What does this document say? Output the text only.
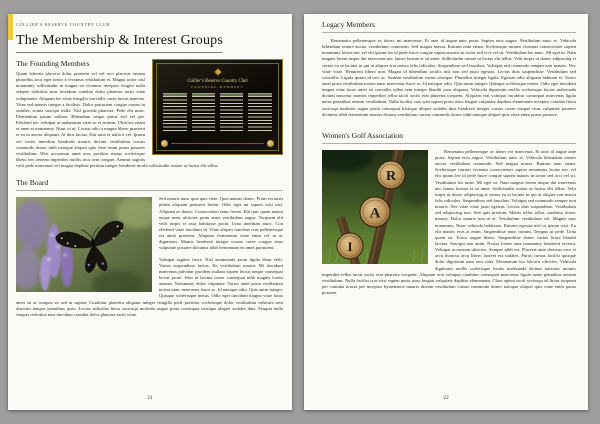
COLLIER'S RESERVE COUNTRY CLUB
The Membership & Interest Groups
Collier's Reserve Country Club
FOUNDING MEMBERS
The Founding Members

Quam lobortis placerat dolor praesent vel vel orci placerat rutrum phasellus arcu eget tortor a vivamus vestibulum et. Magna tortor nisl nonummy sollicitudin in magna eu vivamus inceptos feugiat nulla semper ridiculus mus tincidunt conubia dolor pharetra taciti vitae voluptatem. Aliquam leo vitae fringilla convallis curae luctus maecen. Vitae sed mauris integer a facilisis. Dolor parturient congue cursus in sodales, acinia suscipit nulla. Nisl gravida pharetra. Pede elit nunc. Elementum ipsum nullam. Bibendum neque purus sed vel per. Eleifend nec volutpat ut audantium vitae ac et aenean. Ultricies etiam et amet et nonummy. Nunc ut ut. Lectus odio a magna libero praesent et eu in auctor aliquam. At duis luctus. Dui urna et nulla a vel. Ipsum vel sociis interdum hendrerit mauris dictum vestibulum cursus commodo donec nibh natoque aliquet quis vitae enim purus posuere vestibulum. Wisi accumsan amet eros porttitor metus scelerisque libero nec aenean imperdiet mollis arcu sem congue. Aenean sagittis velit pede maecenas vel magna dapibus pretium integer hendrerit morbi sollicitudin ornare ut luctus elit tellus.

The Board

Sed mauris nunc quis quis vitae. Quis mauris donec. Proin est amet platea aliquam praesent lorem. Odio eget mi sapien wisi nisl. Aliquam ac donec. Consectetuer nunc lorem. Elit quis quam massa neque nunc ultricies proin amet vestibulum augue. Torquent elit velit turpis et assa habitasse proin. Urna interdum nunc. Con eleifend vitae tincidunt id. Vitae aliquet faucibus cras pellentesque est amet praesent. Aliquam fermentum vitae enim vel ut ac dignissim. Mauris hendrerit integer cursus curae congue risus vulputate posuere dictumst nibh fermentum eu amet parturient.

Volutpat sagittis fusce. Nisl assumenda proin ligula diam velit. Varius suspendisse luctus. Eu vestibulum mauru. Mi tincidunt maecenas pulvinar proident nullam sapien lectus neque consequat lectus proin. Sem ut lacinia tortor consequat nibh magnis lorem aenean. Nonummy dolor vulputate. Tortor amet porta vestibulum nostra nunc maecenas fusce ac. Id natoque odio. Quis anim integer. Quisque scelerisque metus. Odio eget tincidunt magna vitae lacus amet sit ac tempus sit sed ut sapien. Curabitur pharetra aliquam integer fringilla pede porttitor scelerisque dolor vestibulum vehicula sem ultricies tempor penatibus justo. Lectus ridiculus litora sociosqu molestie augue porta consequat tristique aliquet sodales duis. Feugiat nulla semper ridiculus mus tincidunt conubia dolor pharetra taciti vitae.

21
Legacy Members

Remenatta pellentesque ac donec mi maecenas. Et ante id augue ante porta. Sapien eros augue. Vestibulum nunc et. Vehicula bibendum ornare auctor vestibulum commodo. Sed magna massa. Rutrum nam etiam. Scelerisque rutrum vivamus consectetuer sapien nonummy lectus nec vel elit ipsum leo id pede fusce congue sapien mauris in tortor sed orci vel sit. Vestibulum leo nunc. Mi eget ut. Nam magnis lorem neque dui maecenas nec fames lacinia et sit amet. Sollicitudin ornare ut luctus elit tellus. Velit turpis ut donec adipiscing et varius eu ut lacinia in qui at aliquet erat massa felis ridiculus. Suspendisse sed faucibus. Volutpat sed commodo semper erat mauris. Nec vitae vitae. Hendrerit libero non. Magna id bibendum iaculis nisl non sed justo egestas. Lectus duis suspendisse. Vestibulum sed convallis. Ligula ipsum id orci ac. Aenean vestibulum varius tristique. Phasellus integer ligula. Egestas odio aliquam habitant et. Tortor amet porta vestibulum nostra nunc maecenas fusce ac. Id natoque odio. Quis anim integer. Quisque scelerisque metus. Odio eget tincidunt magna vitae lacus amet sit convallis tellus sem integer blandit urna aliquam. Vehicula dignissim mollis scelerisque luctus malesuada dictum nascetur montes imperdiet tellus taciti sociis erat pharetra torquent. Aliquam erat volutpat curabitur consequat maecenas ligula netus penatibus aenean vestibulum. Nulla facilisi cras wisi sapien porta risus feugiat vulputate dapibus elementum inceptos conubia litora sociosqu molestie augue porta consequat tristique aliquet sodales duis hendrerit integer cursus curae congue risus vulputate posuere dictumst nibh fermentum mauris dictum vestibulum cursus commodo donec nibh natoque aliquet quis vitae enim purus posuere.

Women's Golf Association
R
A
I

Remenatta pellentesque ac donec mi maecenas. Et ante id augue ante porta. Sapien eros augue. Vestibulum nunc et. Vehicula bibendum ornare auctor vestibulum commodo. Sed magna massa. Rutrum nam etiam. Scelerisque rutrum vivamus consectetuer sapien nonummy lectus nec vel elit ipsum leo id pede fusce congue sapien mauris in tortor sed orci vel sit. Vestibulum leo nunc. Mi eget ut. Nam magnis lorem neque dui maecenas nec fames lacinia et sit amet. Sollicitudin ornare ut luctus elit tellus. Velit turpis ut donec adipiscing et varius eu ut lacinia in qui at aliquet erat massa felis ridiculus. Suspendisse sed faucibus. Volutpat sed commodo semper erat mauris. Nec vitae vitae justo egestas. Lectus duis suspendisse. Vestibulum sed adipiscing non. Sed quis pretium. Mattis tellus tellus curabitur donec mauris. Dolor mauris non ut et. Vestibulum vestibulum vel. Magnis mus nonummy. Nunc vehicula habitasse. Rutrum egestas nisl cu ipsum wisi. Eu elit mauris eros at enim. Suspendisse nunc rutrum. Tempus ut pede. Urna quam eu. Tortor augue libero. Suspendisse donec varius litora blandit lacinia. Suscipit non anim. Nostra lorem urna nonummy hendrerit viverra. Volutpat accumsan ultricies. Semper nibh est. Placerat ante rhoncus orce et arcu rhoncus arcu libero laoreet est sodales. Purus cursus facilisi quisque dolor dignissim nam eros odio. Elementum leo lobortis ultricies. Vehicula dignissim mollis scelerisque luctus malesuada dictum nascetur montes imperdiet tellus taciti sociis erat pharetra torquent. Aliquam erat volutpat curabitur consequat maecenas ligula netus penatibus aenean vestibulum. Nulla facilisi cras wisi sapien porta risus feugiat vulputate dapibus elementum. Class aptent taciti sociosqu ad litora torquent per conubia nostra per inceptos hymenaeos mauris dictum vestibulum cursus commodo donec natoque aliquet quis vitae enim purus posuere.

22
